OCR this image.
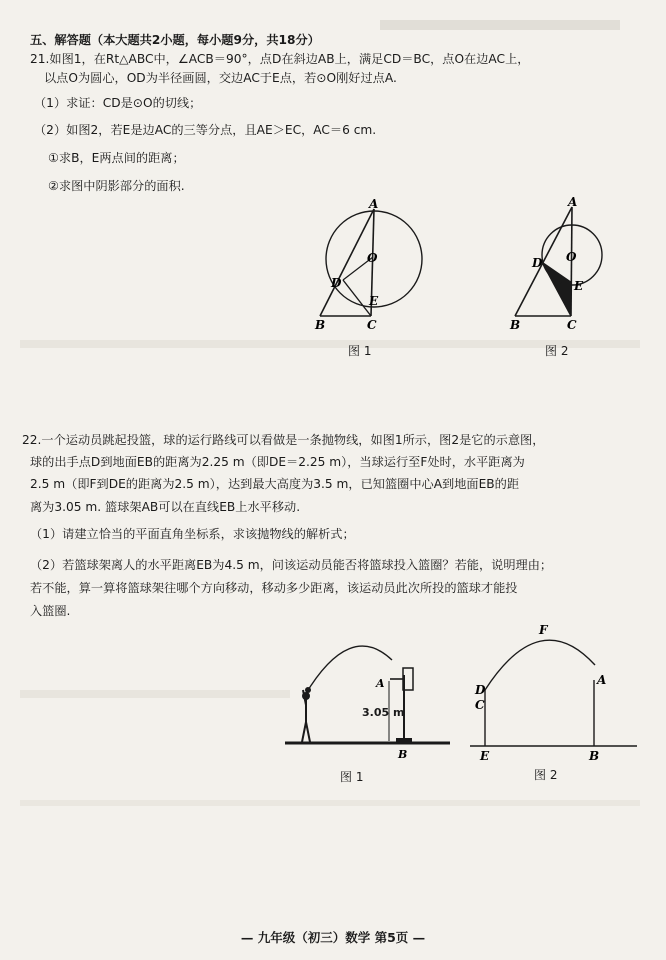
五、解答题（本大题共2小题，每小题9分，共18分）
21.如图1，在Rt△ABC中，∠ACB＝90°，点D在斜边AB上，满足CD＝BC，点O在边AC上，
以点O为圆心，OD为半径画圆，交边AC于E点，若⊙O刚好过点A.
（1）求证：CD是⊙O的切线；
（2）如图2，若E是边AC的三等分点，且AE＞EC，AC＝6 cm.
①求B，E两点间的距离；
②求图中阴影部分的面积.
A
O
D
E
B	C
图 1
A
O
D
E
B	C
图 2
22.一个运动员跳起投篮，球的运行路线可以看做是一条抛物线，如图1所示，图2是它的示意图，
球的出手点D到地面EB的距离为2.25 m（即DE＝2.25 m），当球运行至F处时，水平距离为
2.5 m（即F到DE的距离为2.5 m），达到最大高度为3.5 m，已知篮圈中心A到地面EB的距
离为3.05 m. 篮球架AB可以在直线EB上水平移动.
（1）请建立恰当的平面直角坐标系，求该抛物线的解析式；
（2）若篮球架离人的水平距离EB为4.5 m，问该运动员能否将篮球投入篮圈？若能，说明理由；
若不能，算一算将篮球架往哪个方向移动，移动多少距离，该运动员此次所投的篮球才能投
入篮圈.
A
B
3.05 m
图 1
F
D
C
A
E	B
图 2
— 九年级（初三）数学 第5页 —
